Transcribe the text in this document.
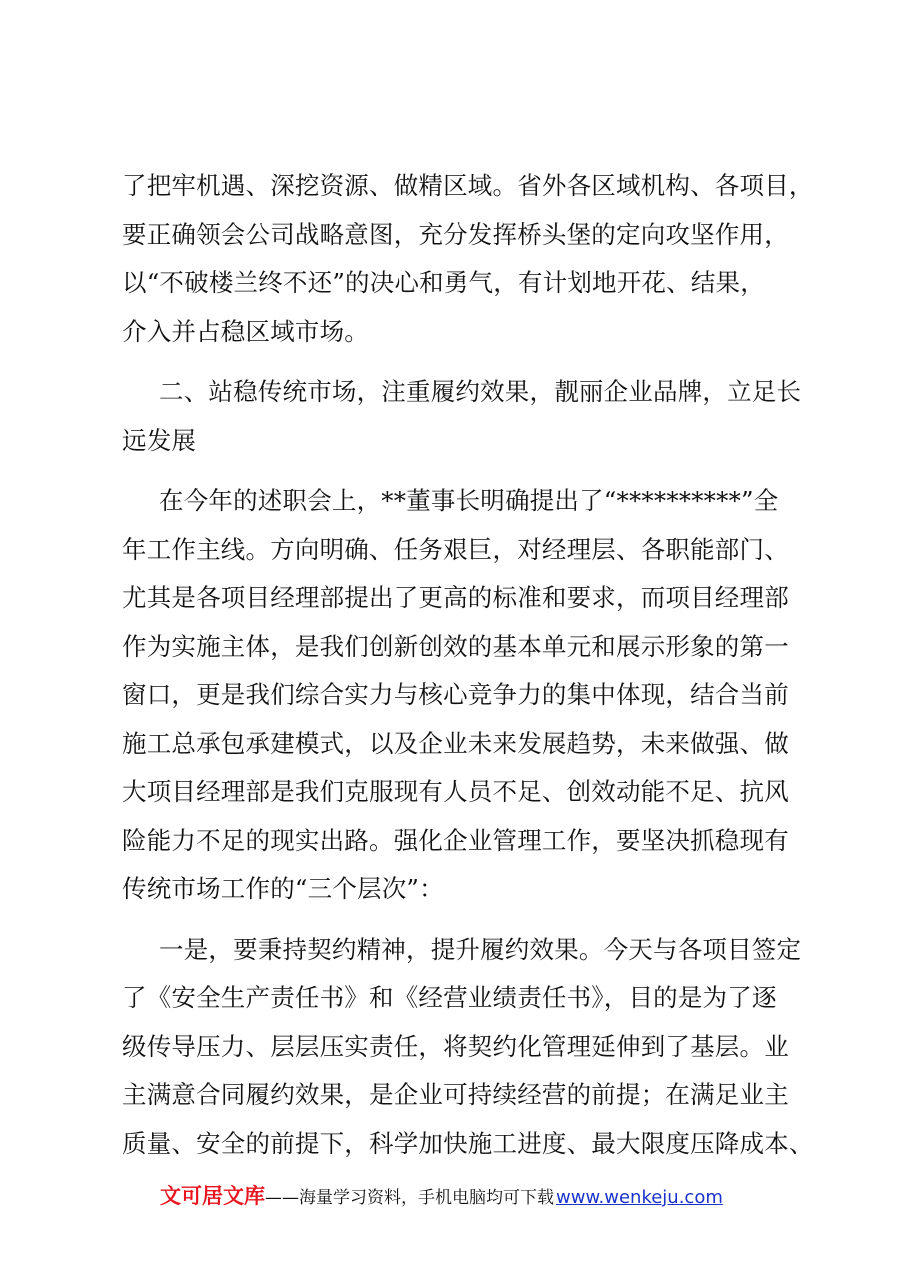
了把牢机遇、深挖资源、做精区域。省外各区域机构、各项目，
要正确领会公司战略意图，充分发挥桥头堡的定向攻坚作用，
以“不破楼兰终不还”的决心和勇气，有计划地开花、结果，
介入并占稳区域市场。

二、站稳传统市场，注重履约效果，靓丽企业品牌，立足长
远发展

在今年的述职会上，**董事长明确提出了“**********”全
年工作主线。方向明确、任务艰巨，对经理层、各职能部门、
尤其是各项目经理部提出了更高的标准和要求，而项目经理部
作为实施主体，是我们创新创效的基本单元和展示形象的第一
窗口，更是我们综合实力与核心竞争力的集中体现，结合当前
施工总承包承建模式，以及企业未来发展趋势，未来做强、做
大项目经理部是我们克服现有人员不足、创效动能不足、抗风
险能力不足的现实出路。强化企业管理工作，要坚决抓稳现有
传统市场工作的“三个层次”：

一是，要秉持契约精神，提升履约效果。今天与各项目签定
了《安全生产责任书》和《经营业绩责任书》，目的是为了逐
级传导压力、层层压实责任，将契约化管理延伸到了基层。业
主满意合同履约效果，是企业可持续经营的前提；在满足业主
质量、安全的前提下，科学加快施工进度、最大限度压降成本、

文可居文库 —— 海量学习资料，手机电脑均可下载 www.wenkeju.com
